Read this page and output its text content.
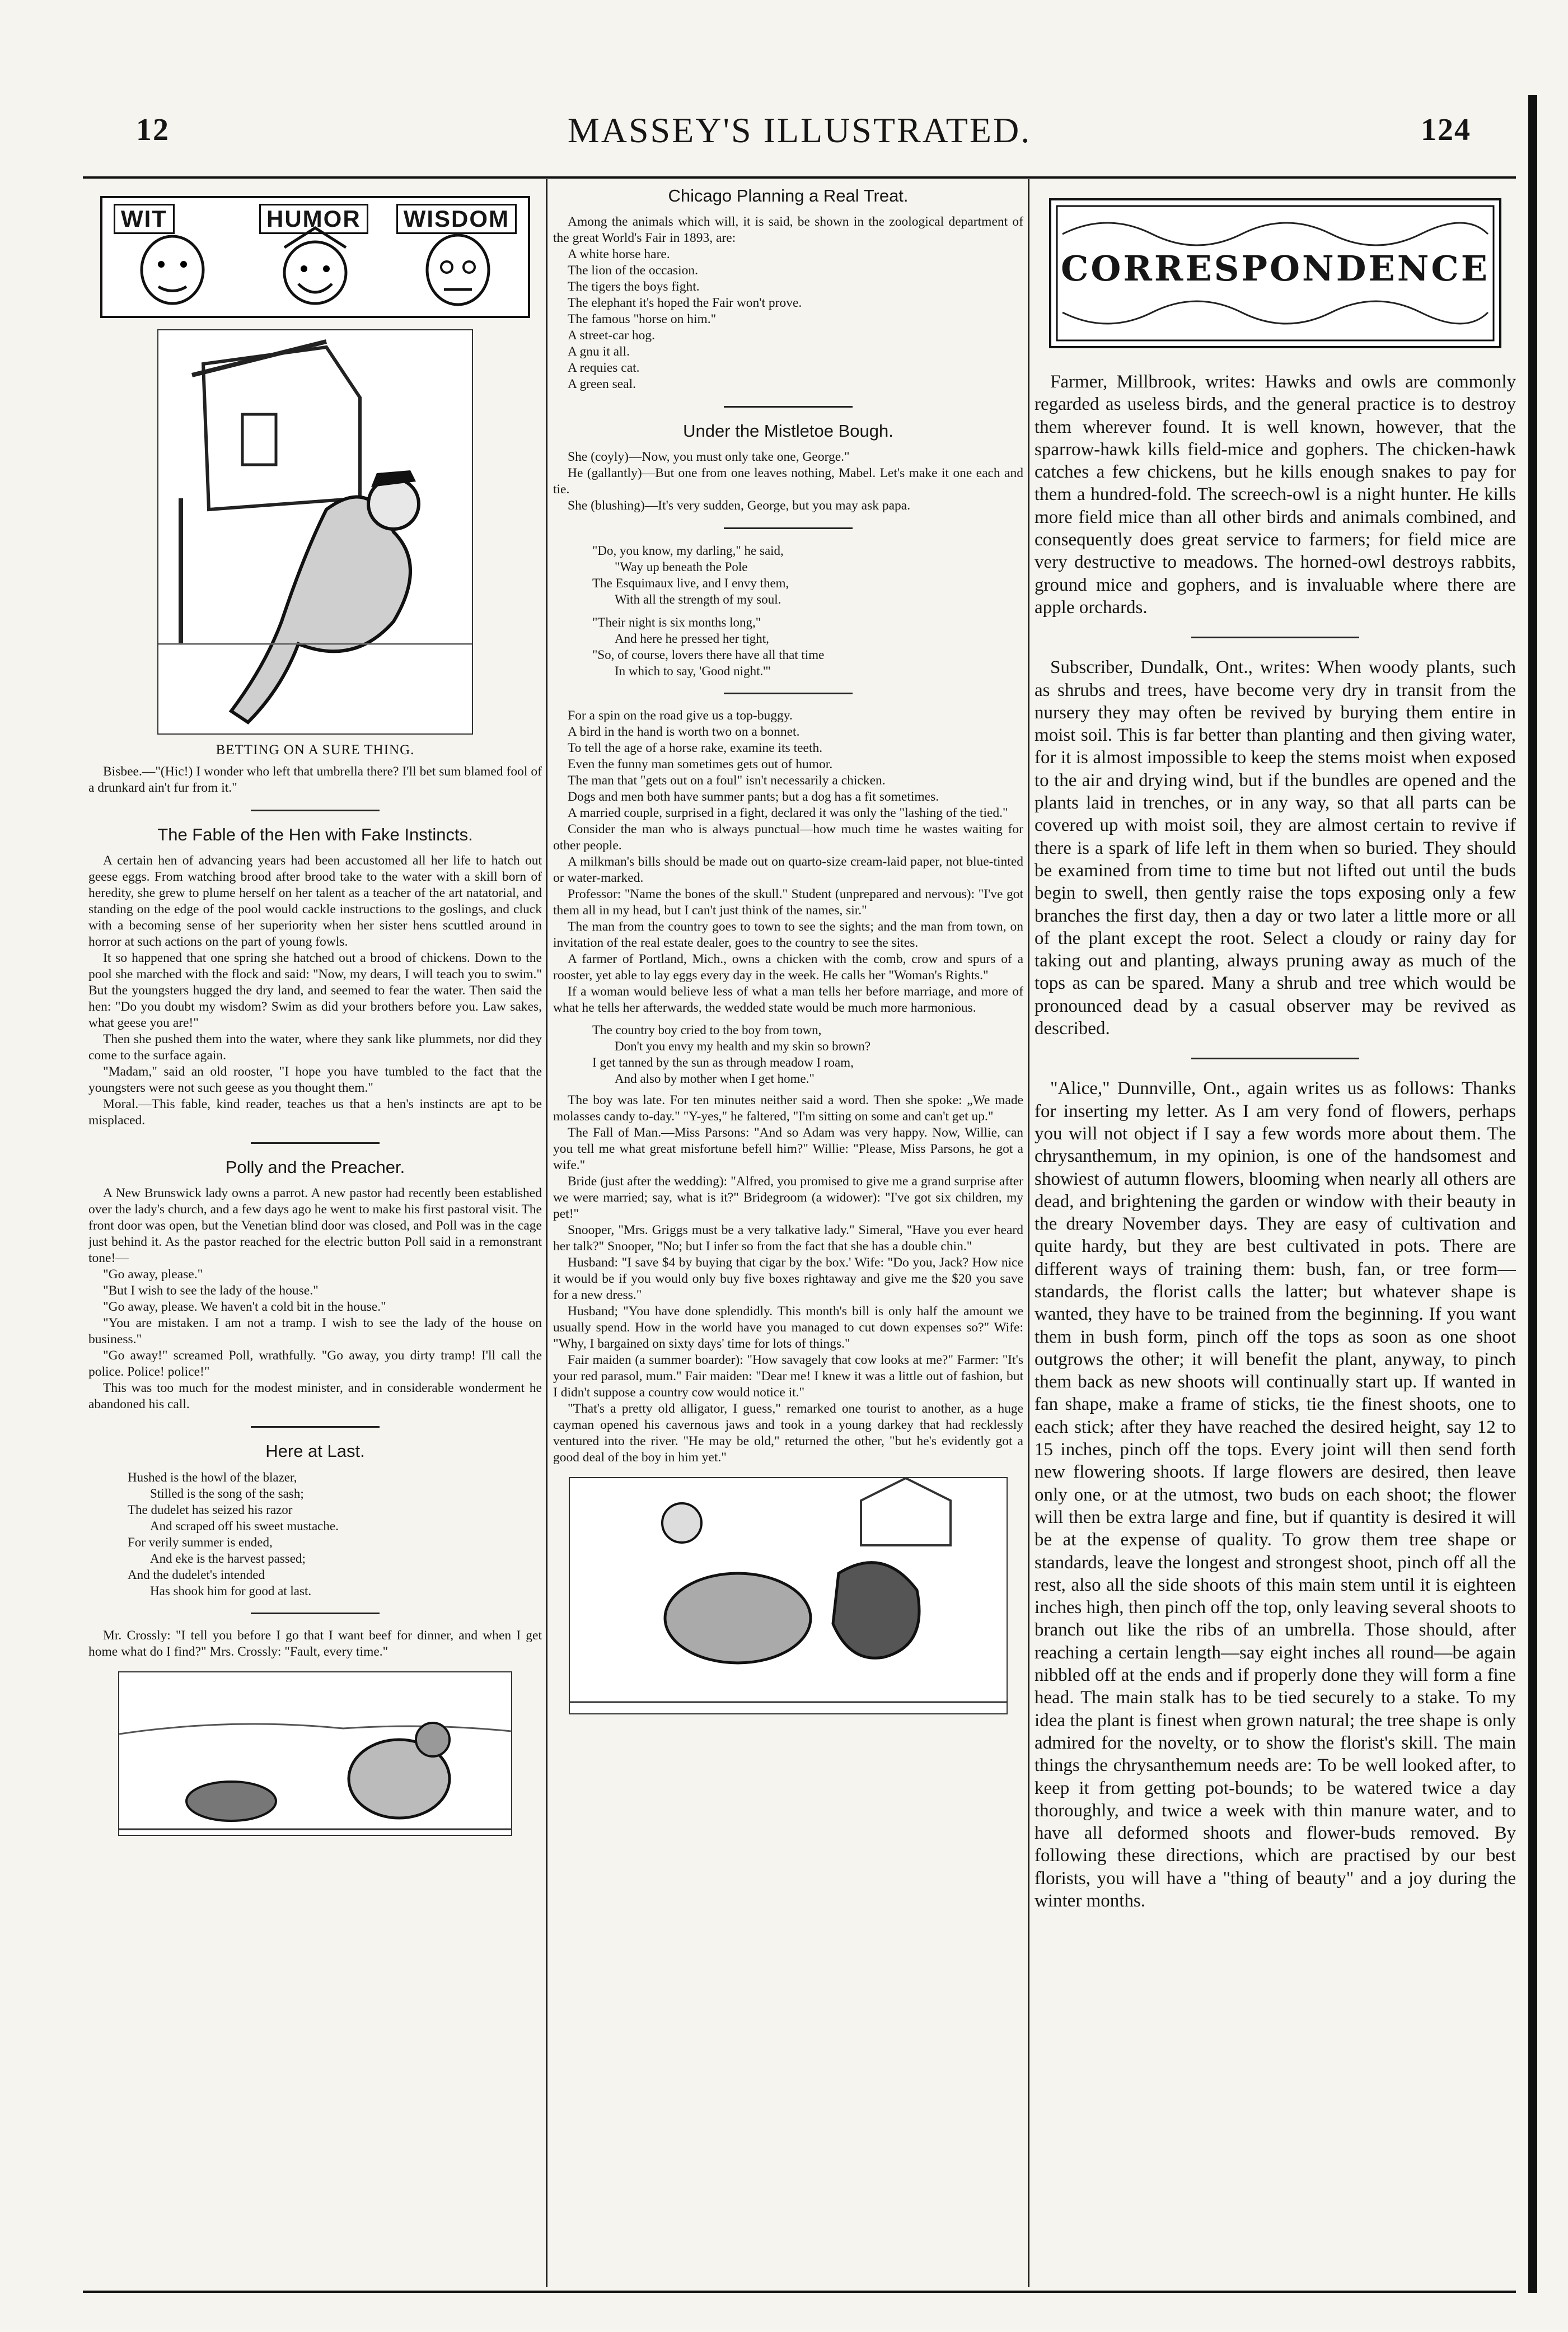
12	MASSEY'S ILLUSTRATED.	124
WIT	HUMOR	WISDOM
BETTING ON A SURE THING.

Bisbee.—"(Hic!) I wonder who left that umbrella there? I'll bet sum blamed fool of a drunkard ain't fur from it."

The Fable of the Hen with Fake Instincts.

A certain hen of advancing years had been accustomed all her life to hatch out geese eggs. From watching brood after brood take to the water with a skill born of heredity, she grew to plume herself on her talent as a teacher of the art natatorial, and standing on the edge of the pool would cackle instructions to the goslings, and cluck with a becoming sense of her superiority when her sister hens scuttled around in horror at such actions on the part of young fowls.

It so happened that one spring she hatched out a brood of chickens. Down to the pool she marched with the flock and said: "Now, my dears, I will teach you to swim." But the youngsters hugged the dry land, and seemed to fear the water. Then said the hen: "Do you doubt my wisdom? Swim as did your brothers before you. Law sakes, what geese you are!"

Then she pushed them into the water, where they sank like plummets, nor did they come to the surface again.

"Madam," said an old rooster, "I hope you have tumbled to the fact that the youngsters were not such geese as you thought them."

Moral.—This fable, kind reader, teaches us that a hen's instincts are apt to be misplaced.

Polly and the Preacher.

A New Brunswick lady owns a parrot. A new pastor had recently been established over the lady's church, and a few days ago he went to make his first pastoral visit. The front door was open, but the Venetian blind door was closed, and Poll was in the cage just behind it. As the pastor reached for the electric button Poll said in a remonstrant tone!—

"Go away, please."

"But I wish to see the lady of the house."

"Go away, please. We haven't a cold bit in the house."

"You are mistaken. I am not a tramp. I wish to see the lady of the house on business."

"Go away!" screamed Poll, wrathfully. "Go away, you dirty tramp! I'll call the police. Police! police!"

This was too much for the modest minister, and in considerable wonderment he abandoned his call.

Here at Last.
Hushed is the howl of the blazer,
Stilled is the song of the sash;
The dudelet has seized his razor
And scraped off his sweet mustache.
For verily summer is ended,
And eke is the harvest passed;
And the dudelet's intended
Has shook him for good at last.

Mr. Crossly: "I tell you before I go that I want beef for dinner, and when I get home what do I find?" Mrs. Crossly: "Fault, every time."

Chicago Planning a Real Treat.

Among the animals which will, it is said, be shown in the zoological department of the great World's Fair in 1893, are:

A white horse hare.
The lion of the occasion.
The tigers the boys fight.
The elephant it's hoped the Fair won't prove.
The famous "horse on him."
A street-car hog.
A gnu it all.
A requies cat.
A green seal.
Under the Mistletoe Bough.

She (coyly)—Now, you must only take one, George."

He (gallantly)—But one from one leaves nothing, Mabel. Let's make it one each and tie.

She (blushing)—It's very sudden, George, but you may ask papa.

"Do, you know, my darling," he said,
"Way up beneath the Pole
The Esquimaux live, and I envy them,
With all the strength of my soul.
"Their night is six months long,"
And here he pressed her tight,
"So, of course, lovers there have all that time
In which to say, 'Good night.'"

For a spin on the road give us a top-buggy.

A bird in the hand is worth two on a bonnet.

To tell the age of a horse rake, examine its teeth.

Even the funny man sometimes gets out of humor.

The man that "gets out on a foul" isn't necessarily a chicken.

Dogs and men both have summer pants; but a dog has a fit sometimes.

A married couple, surprised in a fight, declared it was only the "lashing of the tied."

Consider the man who is always punctual—how much time he wastes waiting for other people.

A milkman's bills should be made out on quarto-size cream-laid paper, not blue-tinted or water-marked.

Professor: "Name the bones of the skull." Student (unprepared and nervous): "I've got them all in my head, but I can't just think of the names, sir."

The man from the country goes to town to see the sights; and the man from town, on invitation of the real estate dealer, goes to the country to see the sites.

A farmer of Portland, Mich., owns a chicken with the comb, crow and spurs of a rooster, yet able to lay eggs every day in the week. He calls her "Woman's Rights."

If a woman would believe less of what a man tells her before marriage, and more of what he tells her afterwards, the wedded state would be much more harmonious.

The country boy cried to the boy from town,
Don't you envy my health and my skin so brown?
I get tanned by the sun as through meadow I roam,
And also by mother when I get home."

The boy was late. For ten minutes neither said a word. Then she spoke: „We made molasses candy to-day." "Y-yes," he faltered, "I'm sitting on some and can't get up."

The Fall of Man.—Miss Parsons: "And so Adam was very happy. Now, Willie, can you tell me what great misfortune befell him?" Willie: "Please, Miss Parsons, he got a wife."

Bride (just after the wedding): "Alfred, you promised to give me a grand surprise after we were married; say, what is it?" Bridegroom (a widower): "I've got six children, my pet!"

Snooper, "Mrs. Griggs must be a very talkative lady." Simeral, "Have you ever heard her talk?" Snooper, "No; but I infer so from the fact that she has a double chin."

Husband: "I save $4 by buying that cigar by the box.' Wife: "Do you, Jack? How nice it would be if you would only buy five boxes rightaway and give me the $20 you save for a new dress."

Husband; "You have done splendidly. This month's bill is only half the amount we usually spend. How in the world have you managed to cut down expenses so?" Wife: "Why, I bargained on sixty days' time for lots of things."

Fair maiden (a summer boarder): "How savagely that cow looks at me?" Farmer: "It's your red parasol, mum." Fair maiden: "Dear me! I knew it was a little out of fashion, but I didn't suppose a country cow would notice it."

"That's a pretty old alligator, I guess," remarked one tourist to another, as a huge cayman opened his cavernous jaws and took in a young darkey that had recklessly ventured into the river. "He may be old," returned the other, "but he's evidently got a good deal of the boy in him yet."

CORRESPONDENCE

Farmer, Millbrook, writes: Hawks and owls are commonly regarded as useless birds, and the general practice is to destroy them wherever found. It is well known, however, that the sparrow-hawk kills field-mice and gophers. The chicken-hawk catches a few chickens, but he kills enough snakes to pay for them a hundred-fold. The screech-owl is a night hunter. He kills more field mice than all other birds and animals combined, and consequently does great service to farmers; for field mice are very destructive to meadows. The horned-owl destroys rabbits, ground mice and gophers, and is invaluable where there are apple orchards.

Subscriber, Dundalk, Ont., writes: When woody plants, such as shrubs and trees, have become very dry in transit from the nursery they may often be revived by burying them entire in moist soil. This is far better than planting and then giving water, for it is almost impossible to keep the stems moist when exposed to the air and drying wind, but if the bundles are opened and the plants laid in trenches, or in any way, so that all parts can be covered up with moist soil, they are almost certain to revive if there is a spark of life left in them when so buried. They should be examined from time to time but not lifted out until the buds begin to swell, then gently raise the tops exposing only a few branches the first day, then a day or two later a little more or all of the plant except the root. Select a cloudy or rainy day for taking out and planting, always pruning away as much of the tops as can be spared. Many a shrub and tree which would be pronounced dead by a casual observer may be revived as described.

"Alice," Dunnville, Ont., again writes us as follows: Thanks for inserting my letter. As I am very fond of flowers, perhaps you will not object if I say a few words more about them. The chrysanthemum, in my opinion, is one of the handsomest and showiest of autumn flowers, blooming when nearly all others are dead, and brightening the garden or window with their beauty in the dreary November days. They are easy of cultivation and quite hardy, but they are best cultivated in pots. There are different ways of training them: bush, fan, or tree form—standards, the florist calls the latter; but whatever shape is wanted, they have to be trained from the beginning. If you want them in bush form, pinch off the tops as soon as one shoot outgrows the other; it will benefit the plant, anyway, to pinch them back as new shoots will continually start up. If wanted in fan shape, make a frame of sticks, tie the finest shoots, one to each stick; after they have reached the desired height, say 12 to 15 inches, pinch off the tops. Every joint will then send forth new flowering shoots. If large flowers are desired, then leave only one, or at the utmost, two buds on each shoot; the flower will then be extra large and fine, but if quantity is desired it will be at the expense of quality. To grow them tree shape or standards, leave the longest and strongest shoot, pinch off all the rest, also all the side shoots of this main stem until it is eighteen inches high, then pinch off the top, only leaving several shoots to branch out like the ribs of an umbrella. Those should, after reaching a certain length—say eight inches all round—be again nibbled off at the ends and if properly done they will form a fine head. The main stalk has to be tied securely to a stake. To my idea the plant is finest when grown natural; the tree shape is only admired for the novelty, or to show the florist's skill. The main things the chrysanthemum needs are: To be well looked after, to keep it from getting pot-bounds; to be watered twice a day thoroughly, and twice a week with thin manure water, and to have all deformed shoots and flower-buds removed. By following these directions, which are practised by our best florists, you will have a "thing of beauty" and a joy during the winter months.
